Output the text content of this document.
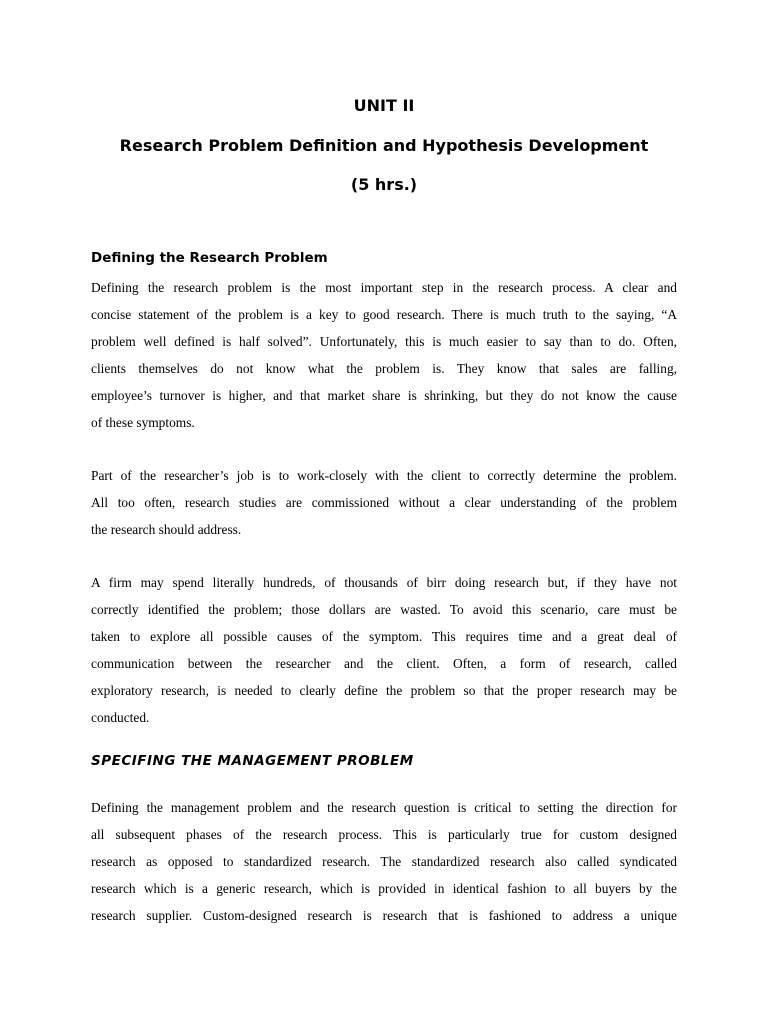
UNIT II
Research Problem Definition and Hypothesis Development
(5 hrs.)
Defining the Research Problem
Defining the research problem is the most important step in the research process. A clear and
concise statement of the problem is a key to good research. There is much truth to the saying, “A
problem well defined is half solved”. Unfortunately, this is much easier to say than to do. Often,
clients themselves do not know what the problem is. They know that sales are falling,
employee’s turnover is higher, and that market share is shrinking, but they do not know the cause
of these symptoms.
Part of the researcher’s job is to work-closely with the client to correctly determine the problem.
All too often, research studies are commissioned without a clear understanding of the problem
the research should address.
A firm may spend literally hundreds, of thousands of birr doing research but, if they have not
correctly identified the problem; those dollars are wasted. To avoid this scenario, care must be
taken to explore all possible causes of the symptom. This requires time and a great deal of
communication between the researcher and the client. Often, a form of research, called
exploratory research, is needed to clearly define the problem so that the proper research may be
conducted.
SPECIFING THE MANAGEMENT PROBLEM
Defining the management problem and the research question is critical to setting the direction for
all subsequent phases of the research process. This is particularly true for custom designed
research as opposed to standardized research. The standardized research also called syndicated
research which is a generic research, which is provided in identical fashion to all buyers by the
research supplier. Custom-designed research is research that is fashioned to address a unique
